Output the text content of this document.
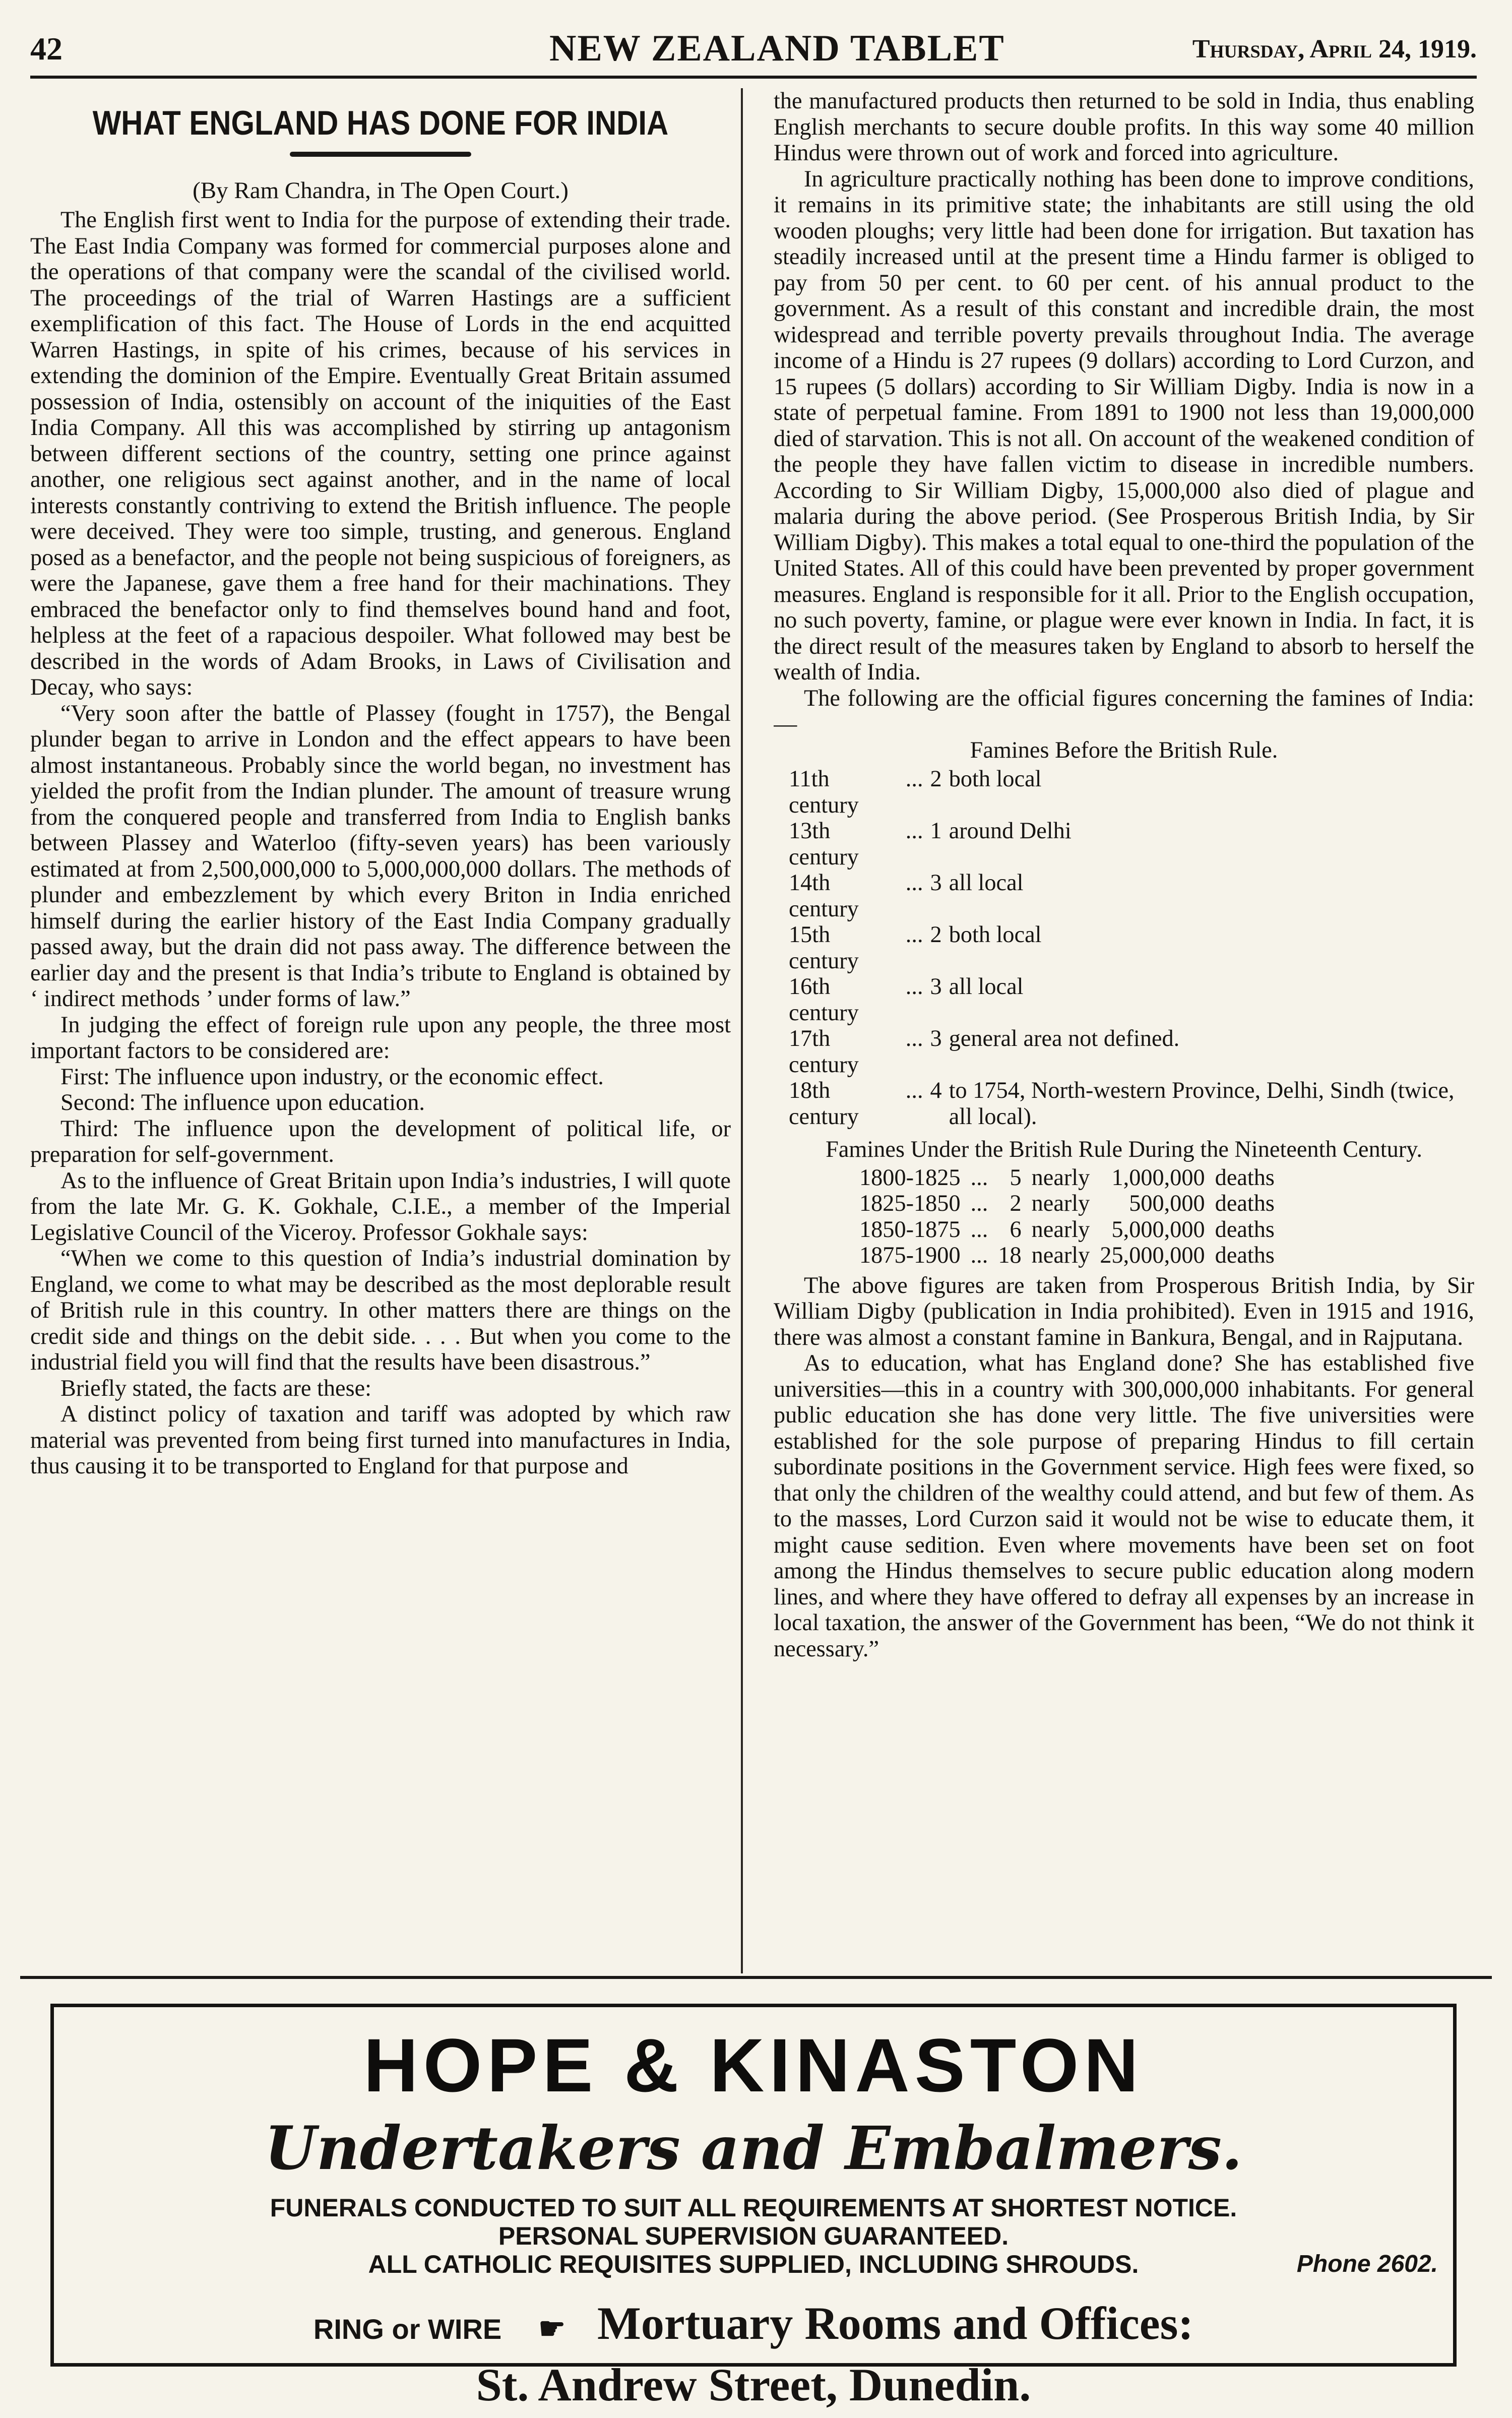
42	NEW ZEALAND TABLET	Thursday, April 24, 1919.
WHAT ENGLAND HAS DONE FOR INDIA

(By Ram Chandra, in The Open Court.)

The English first went to India for the purpose of extending their trade. The East India Company was formed for commercial purposes alone and the operations of that company were the scandal of the civilised world. The proceedings of the trial of Warren Hastings are a sufficient exemplification of this fact. The House of Lords in the end acquitted Warren Hastings, in spite of his crimes, because of his services in extending the dominion of the Empire. Eventually Great Britain assumed possession of India, ostensibly on account of the iniquities of the East India Company. All this was accomplished by stirring up antagonism between different sections of the country, setting one prince against another, one religious sect against another, and in the name of local interests constantly contriving to extend the British influence. The people were deceived. They were too simple, trusting, and generous. England posed as a benefactor, and the people not being suspicious of foreigners, as were the Japanese, gave them a free hand for their machinations. They embraced the benefactor only to find themselves bound hand and foot, helpless at the feet of a rapacious despoiler. What followed may best be described in the words of Adam Brooks, in Laws of Civilisation and Decay, who says:

“Very soon after the battle of Plassey (fought in 1757), the Bengal plunder began to arrive in London and the effect appears to have been almost instantaneous. Probably since the world began, no investment has yielded the profit from the Indian plunder. The amount of treasure wrung from the conquered people and transferred from India to English banks between Plassey and Waterloo (fifty-seven years) has been variously estimated at from 2,500,000,000 to 5,000,000,000 dollars. The methods of plunder and embezzlement by which every Briton in India enriched himself during the earlier history of the East India Company gradually passed away, but the drain did not pass away. The difference between the earlier day and the present is that India’s tribute to England is obtained by ‘ indirect methods ’ under forms of law.”

In judging the effect of foreign rule upon any people, the three most important factors to be considered are:

First: The influence upon industry, or the economic effect.

Second: The influence upon education.

Third: The influence upon the development of political life, or preparation for self-government.

As to the influence of Great Britain upon India’s industries, I will quote from the late Mr. G. K. Gokhale, C.I.E., a member of the Imperial Legislative Council of the Viceroy. Professor Gokhale says:

“When we come to this question of India’s industrial domination by England, we come to what may be described as the most deplorable result of British rule in this country. In other matters there are things on the credit side and things on the debit side. . . . But when you come to the industrial field you will find that the results have been disastrous.”

Briefly stated, the facts are these:

A distinct policy of taxation and tariff was adopted by which raw material was prevented from being first turned into manufactures in India, thus causing it to be transported to England for that purpose and

the manufactured products then returned to be sold in India, thus enabling English merchants to secure double profits. In this way some 40 million Hindus were thrown out of work and forced into agriculture.

In agriculture practically nothing has been done to improve conditions, it remains in its primitive state; the inhabitants are still using the old wooden ploughs; very little had been done for irrigation. But taxation has steadily increased until at the present time a Hindu farmer is obliged to pay from 50 per cent. to 60 per cent. of his annual product to the government. As a result of this constant and incredible drain, the most widespread and terrible poverty prevails throughout India. The average income of a Hindu is 27 rupees (9 dollars) according to Lord Curzon, and 15 rupees (5 dollars) according to Sir William Digby. India is now in a state of perpetual famine. From 1891 to 1900 not less than 19,000,000 died of starvation. This is not all. On account of the weakened condition of the people they have fallen victim to disease in incredible numbers. According to Sir William Digby, 15,000,000 also died of plague and malaria during the above period. (See Prosperous British India, by Sir William Digby). This makes a total equal to one-third the population of the United States. All of this could have been prevented by proper government measures. England is responsible for it all. Prior to the English occupation, no such poverty, famine, or plague were ever known in India. In fact, it is the direct result of the measures taken by England to absorb to herself the wealth of India.

The following are the official figures concerning the famines of India: —

Famines Before the British Rule.
11th century	...	2	both local
13th century	...	1	around Delhi
14th century	...	3	all local
15th century	...	2	both local
16th century	...	3	all local
17th century	...	3	general area not defined.
18th century	...	4	to 1754, North-western Province, Delhi, Sindh (twice, all local).
Famines Under the British Rule During the Nineteenth Century.
1800-1825	...	5	nearly	1,000,000	deaths
1825-1850	...	2	nearly	500,000	deaths
1850-1875	...	6	nearly	5,000,000	deaths
1875-1900	...	18	nearly	25,000,000	deaths

The above figures are taken from Prosperous British India, by Sir William Digby (publication in India prohibited). Even in 1915 and 1916, there was almost a constant famine in Bankura, Bengal, and in Rajputana.

As to education, what has England done? She has established five universities—this in a country with 300,000,000 inhabitants. For general public education she has done very little. The five universities were established for the sole purpose of preparing Hindus to fill certain subordinate positions in the Government service. High fees were fixed, so that only the children of the wealthy could attend, and but few of them. As to the masses, Lord Curzon said it would not be wise to educate them, it might cause sedition. Even where movements have been set on foot among the Hindus themselves to secure public education along modern lines, and where they have offered to defray all expenses by an increase in local taxation, the answer of the Government has been, “We do not think it necessary.”

HOPE & KINASTON
Undertakers and Embalmers.
FUNERALS CONDUCTED TO SUIT ALL REQUIREMENTS AT SHORTEST NOTICE.
PERSONAL SUPERVISION GUARANTEED.
ALL CATHOLIC REQUISITES SUPPLIED, INCLUDING SHROUDS.	Phone 2602.
RING or WIRE ☛ Mortuary Rooms and Offices:
St. Andrew Street, Dunedin.
